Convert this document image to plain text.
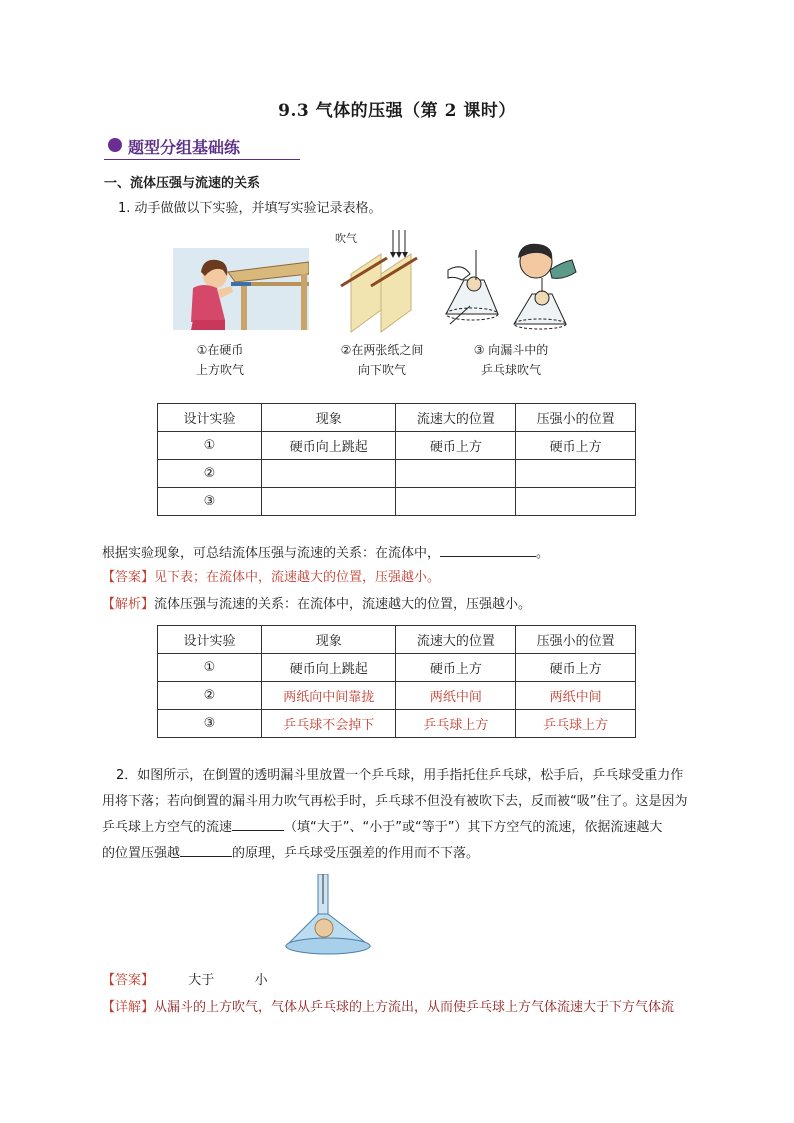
9.3 气体的压强（第 2 课时）
题型分组基础练
一、流体压强与流速的关系
1. 动手做做以下实验，并填写实验记录表格。
吹气
①在硬币
上方吹气
②在两张纸之间
向下吹气
③ 向漏斗中的
乒乓球吹气
设计实验	现象	流速大的位置	压强小的位置
①	硬币向上跳起	硬币上方	硬币上方
②			
③			
根据实验现象，可总结流体压强与流速的关系：在流体中，	。
【答案】见下表；在流体中，流速越大的位置，压强越小。
【解析】流体压强与流速的关系：在流体中，流速越大的位置，压强越小。
设计实验	现象	流速大的位置	压强小的位置
①	硬币向上跳起	硬币上方	硬币上方
②	两纸向中间靠拢	两纸中间	两纸中间
③	乒乓球不会掉下	乒乓球上方	乒乓球上方
2．如图所示，在倒置的透明漏斗里放置一个乒乓球，用手指托住乒乓球，松手后，乒乓球受重力作
用将下落；若向倒置的漏斗用力吹气再松手时，乒乓球不但没有被吹下去，反而被“吸”住了。这是因为
乒乓球上方空气的流速	（填“大于”、“小于”或“等于”）其下方空气的流速，依据流速越大
的位置压强越	的原理，乒乓球受压强差的作用而不下落。
【答案】	大于	小
【详解】从漏斗的上方吹气，气体从乒乓球的上方流出，从而使乒乓球上方气体流速大于下方气体流
